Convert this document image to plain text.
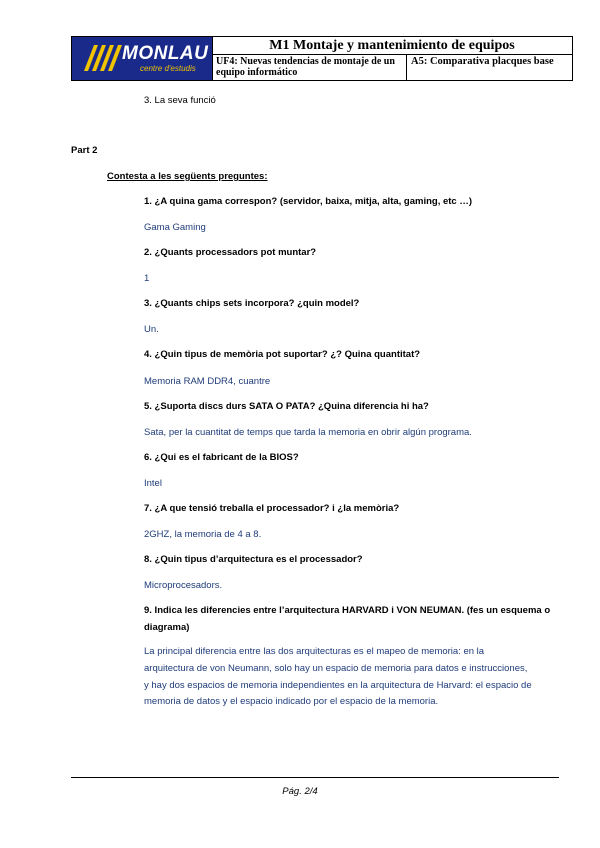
MONLAU
centre d'estudis
M1 Montaje y mantenimiento de equipos
UF4: Nuevas tendencias de montaje de un equipo informático
A5: Comparativa placques base
3. La seva funció
Part 2
Contesta a les següents preguntes:
1. ¿A quina gama correspon? (servidor, baixa, mitja, alta, gaming, etc …)
Gama Gaming
2. ¿Quants processadors pot muntar?
1
3. ¿Quants chips sets incorpora? ¿quin model?
Un.
4. ¿Quin tipus de memòria pot suportar? ¿? Quina quantitat?
Memoria RAM DDR4, cuantre
5. ¿Suporta discs durs SATA O PATA? ¿Quina diferencia hi ha?
Sata, per la cuantitat de temps que tarda la memoria en obrir algún programa.
6. ¿Qui es el fabricant de la BIOS?
Intel
7. ¿A que tensió treballa el processador? i ¿la memòria?
2GHZ, la memoria de 4 a 8.
8. ¿Quin tipus d’arquitectura es el processador?
Microprocesadors.
9. Indica les diferencies entre l’arquitectura HARVARD i VON NEUMAN. (fes un esquema o
diagrama)
La principal diferencia entre las dos arquitecturas es el mapeo de memoria: en la
arquitectura de von Neumann, solo hay un espacio de memoria para datos e instrucciones,
y hay dos espacios de memoria independientes en la arquitectura de Harvard: el espacio de
memoria de datos y el espacio indicado por el espacio de la memoria.
Pág. 2/4
